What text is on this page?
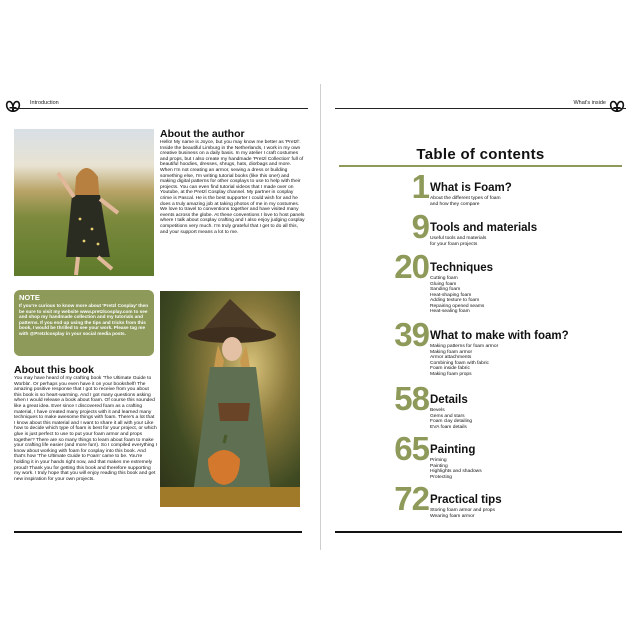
Introduction
About the author
Hello! My name is Joyce, but you may know me better as 'Pretzl'. Inside the beautiful Limburg in the Netherlands, I work in my own creative business on a daily basis. In my atelier I craft costumes and props, but I also create my handmade 'Pretzl Collection' full of beautiful hoodies, dresses, shrugs, hats, diorbags and more. When I'm not creating an armor, sewing a dress or building something else, I'm writing tutorial books (like this one!) and making digital patterns for other cosplays to use to help with their projects. You can even find tutorial videos that I made over on Youtube, at the Pretzl Cosplay channel. My partner in cosplay crime is Pascal. He is the best supporter I could wish for and he does a truly amazing job at taking photos of me in my costumes. We love to travel to conventions together and have visited many events across the globe. At these conventions I love to host panels where I talk about cosplay crafting and I also enjoy judging cosplay competitions very much. I'm truly grateful that I get to do all this, and your support means a lot to me.
NOTE
If you're curious to know more about 'Pretzl Cosplay' then be sure to visit my website www.pretzlcosplay.com to see and shop my handmade collection and my tutorials and patterns. If you end up using the tips and tricks from this book, I would be thrilled to see your work. Please tag me with @Pretzlcosplay in your social media posts.
About this book
You may have heard of my crafting book 'The Ultimate Guide to Worbla'. Or perhaps you even have it on your bookshelf! The amazing positive response that I got to receive from you about this book is so heart-warming. And I got many questions asking when I would release a book about foam. Of course this sounded like a great idea. Ever since I discovered foam as a crafting material, I have created many projects with it and learned many techniques to make awesome things with foam. There's a lot that I know about this material and I want to share it all with you! Like how to decide which type of foam is best for your project, or which glue is just perfect to use to put your foam armor and props together? There are so many things to learn about foam to make your crafting life easier (and more fun!). So I compiled everything I know about working with foam for cosplay into this book. And that's how 'The Ultimate Guide to Foam' came to be. You're holding it in your hands right now, and that makes me extremely proud! Thank you for getting this book and therefore supporting my work. I truly hope that you will enjoy reading this book and get new inspiration for your own projects.
What's inside
Table of contents
1 What is Foam?
About the different types of foam
and how they compare
9 Tools and materials
Useful tools and materials
for your foam projects
20 Techniques
Cutting foam
Gluing foam
Sanding foam
Heat-shaping foam
Adding texture to foam
Repairing opened seams
Heat-sealing foam
39 What to make with foam?
Making patterns for foam armor
Making foam armor
Armor attachments
Combining foam with fabric
Foam inside fabric
Making foam props
58 Details
Bevels
Gems and stars
Foam clay detailing
EVA foam details
65 Painting
Priming
Painting
Highlights and shadows
Protecting
72 Practical tips
Storing foam armor and props
Wearing foam armor
